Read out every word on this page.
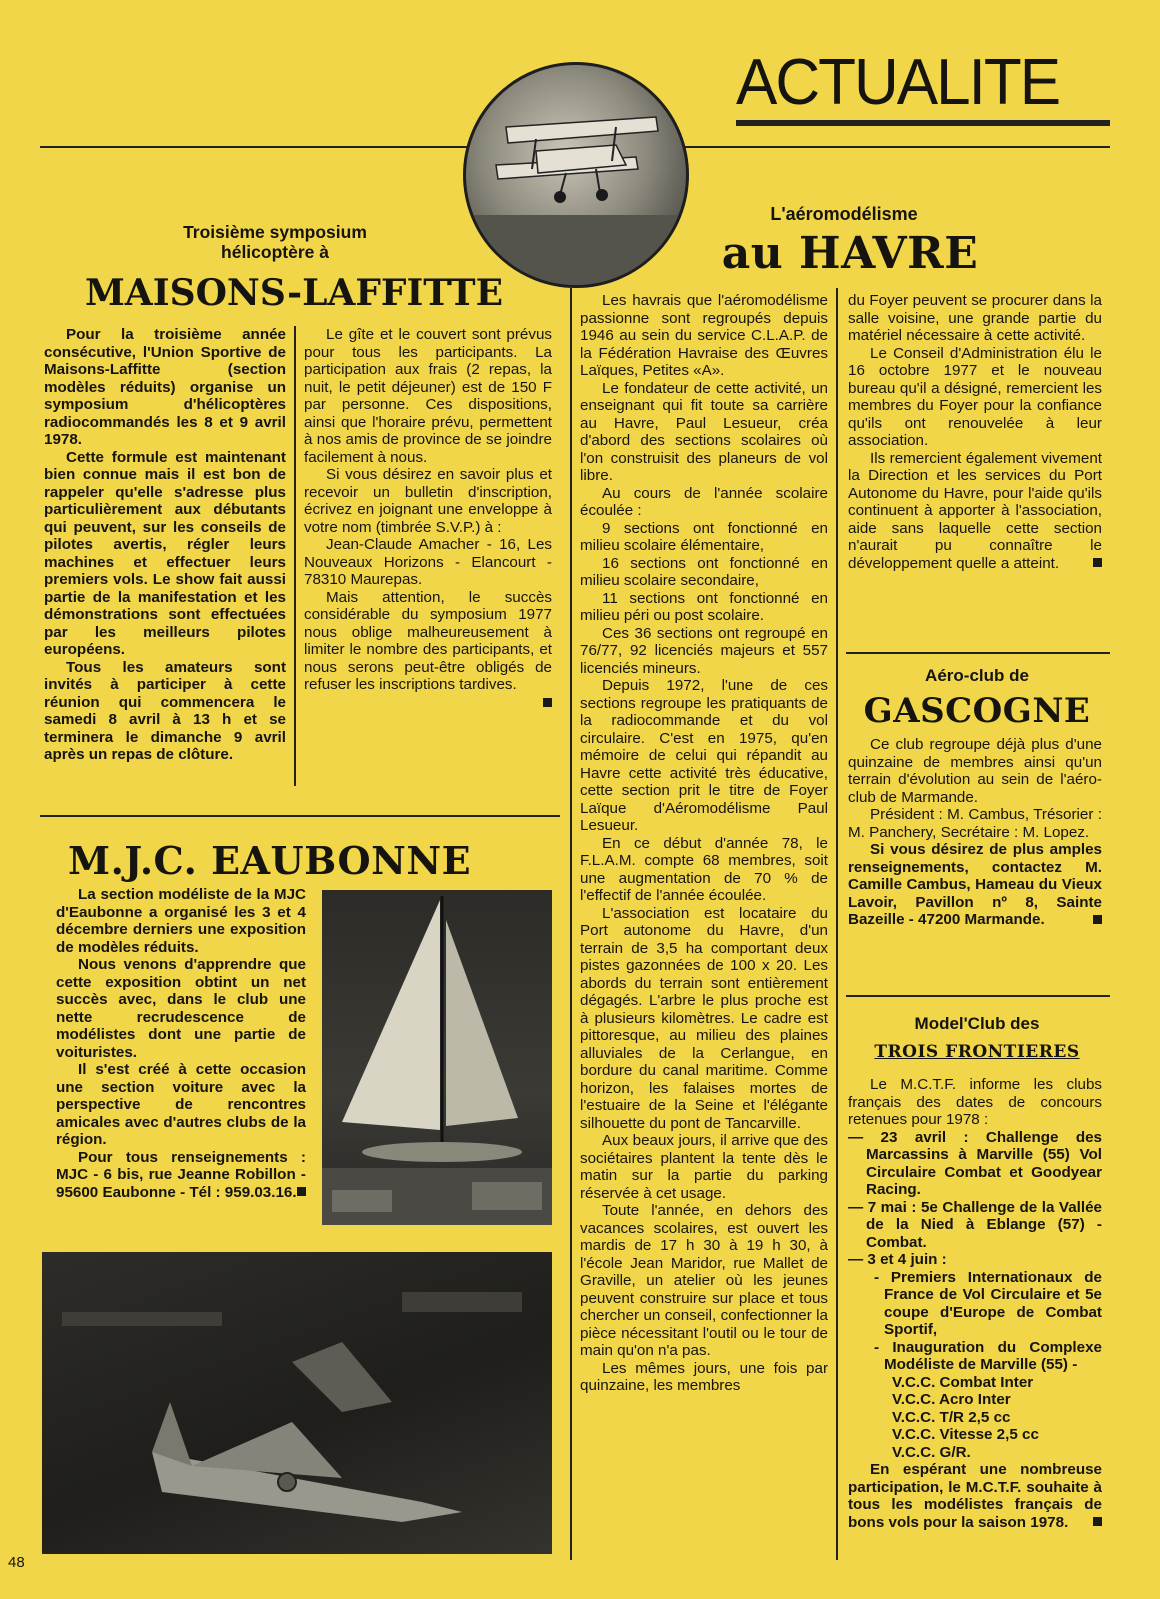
ACTUALITE
Troisième symposium
hélicoptère à
MAISONS-LAFFITTE

Pour la troisième année consécutive, l'Union Sportive de Maisons-Laffitte (section modèles réduits) organise un symposium d'hélicoptères radiocommandés les 8 et 9 avril 1978.

Cette formule est maintenant bien connue mais il est bon de rappeler qu'elle s'adresse plus particulièrement aux débutants qui peuvent, sur les conseils de pilotes avertis, régler leurs machines et effectuer leurs premiers vols. Le show fait aussi partie de la manifestation et les démonstrations sont effectuées par les meilleurs pilotes européens.

Tous les amateurs sont invités à participer à cette réunion qui commencera le samedi 8 avril à 13 h et se terminera le dimanche 9 avril après un repas de clôture.

Le gîte et le couvert sont prévus pour tous les participants. La participation aux frais (2 repas, la nuit, le petit déjeuner) est de 150 F par personne. Ces dispositions, ainsi que l'horaire prévu, permettent à nos amis de province de se joindre facilement à nous.

Si vous désirez en savoir plus et recevoir un bulletin d'inscription, écrivez en joignant une enveloppe à votre nom (timbrée S.V.P.) à :

Jean-Claude Amacher - 16, Les Nouveaux Horizons - Elancourt - 78310 Maurepas.

Mais attention, le succès considérable du symposium 1977 nous oblige malheureusement à limiter le nombre des participants, et nous serons peut-être obligés de refuser les inscriptions tardives.

M.J.C. EAUBONNE

La section modéliste de la MJC d'Eaubonne a organisé les 3 et 4 décembre derniers une exposition de modèles réduits.

Nous venons d'apprendre que cette exposition obtint un net succès avec, dans le club une nette recrudescence de modélistes dont une partie de voituristes.

Il s'est créé à cette occasion une section voiture avec la perspective de rencontres amicales avec d'autres clubs de la région.

Pour tous renseignements : MJC - 6 bis, rue Jeanne Robillon - 95600 Eaubonne - Tél : 959.03.16.

48
L'aéromodélisme
au HAVRE

Les havrais que l'aéromodélisme passionne sont regroupés depuis 1946 au sein du service C.L.A.P. de la Fédération Havraise des Œuvres Laïques, Petites «A».

Le fondateur de cette activité, un enseignant qui fit toute sa carrière au Havre, Paul Lesueur, créa d'abord des sections scolaires où l'on construisit des planeurs de vol libre.

Au cours de l'année scolaire écoulée :

9 sections ont fonctionné en milieu scolaire élémentaire,

16 sections ont fonctionné en milieu scolaire secondaire,

11 sections ont fonctionné en milieu péri ou post scolaire.

Ces 36 sections ont regroupé en 76/77, 92 licenciés majeurs et 557 licenciés mineurs.

Depuis 1972, l'une de ces sections regroupe les pratiquants de la radiocommande et du vol circulaire. C'est en 1975, qu'en mémoire de celui qui répandit au Havre cette activité très éducative, cette section prit le titre de Foyer Laïque d'Aéromodélisme Paul Lesueur.

En ce début d'année 78, le F.L.A.M. compte 68 membres, soit une augmentation de 70 % de l'effectif de l'année écoulée.

L'association est locataire du Port autonome du Havre, d'un terrain de 3,5 ha comportant deux pistes gazonnées de 100 x 20. Les abords du terrain sont entièrement dégagés. L'arbre le plus proche est à plusieurs kilomètres. Le cadre est pittoresque, au milieu des plaines alluviales de la Cerlangue, en bordure du canal maritime. Comme horizon, les falaises mortes de l'estuaire de la Seine et l'élégante silhouette du pont de Tancarville.

Aux beaux jours, il arrive que des sociétaires plantent la tente dès le matin sur la partie du parking réservée à cet usage.

Toute l'année, en dehors des vacances scolaires, est ouvert les mardis de 17 h 30 à 19 h 30, à l'école Jean Maridor, rue Mallet de Graville, un atelier où les jeunes peuvent construire sur place et tous chercher un conseil, confectionner la pièce nécessitant l'outil ou le tour de main qu'on n'a pas.

Les mêmes jours, une fois par quinzaine, les membres

du Foyer peuvent se procurer dans la salle voisine, une grande partie du matériel nécessaire à cette activité.

Le Conseil d'Administration élu le 16 octobre 1977 et le nouveau bureau qu'il a désigné, remercient les membres du Foyer pour la confiance qu'ils ont renouvelée à leur association.

Ils remercient également vivement la Direction et les services du Port Autonome du Havre, pour l'aide qu'ils continuent à apporter à l'association, aide sans laquelle cette section n'aurait pu connaître le développement quelle a atteint.

Aéro-club de
GASCOGNE

Ce club regroupe déjà plus d'une quinzaine de membres ainsi qu'un terrain d'évolution au sein de l'aéro-club de Marmande.

Président : M. Cambus, Trésorier : M. Panchery, Secrétaire : M. Lopez.

Si vous désirez de plus amples renseignements, contactez M. Camille Cambus, Hameau du Vieux Lavoir, Pavillon nº 8, Sainte Bazeille - 47200 Marmande.

Model'Club des
TROIS FRONTIERES

Le M.C.T.F. informe les clubs français des dates de concours retenues pour 1978 :

— 23 avril : Challenge des Marcassins à Marville (55) Vol Circulaire Combat et Goodyear Racing.

— 7 mai : 5e Challenge de la Vallée de la Nied à Eblange (57) - Combat.

— 3 et 4 juin :

- Premiers Internationaux de France de Vol Circulaire et 5e coupe d'Europe de Combat Sportif,

- Inauguration du Complexe Modéliste de Marville (55) -

V.C.C. Combat Inter

V.C.C. Acro Inter

V.C.C. T/R 2,5 cc

V.C.C. Vitesse 2,5 cc

V.C.C. G/R.

En espérant une nombreuse participation, le M.C.T.F. souhaite à tous les modélistes français de bons vols pour la saison 1978.
